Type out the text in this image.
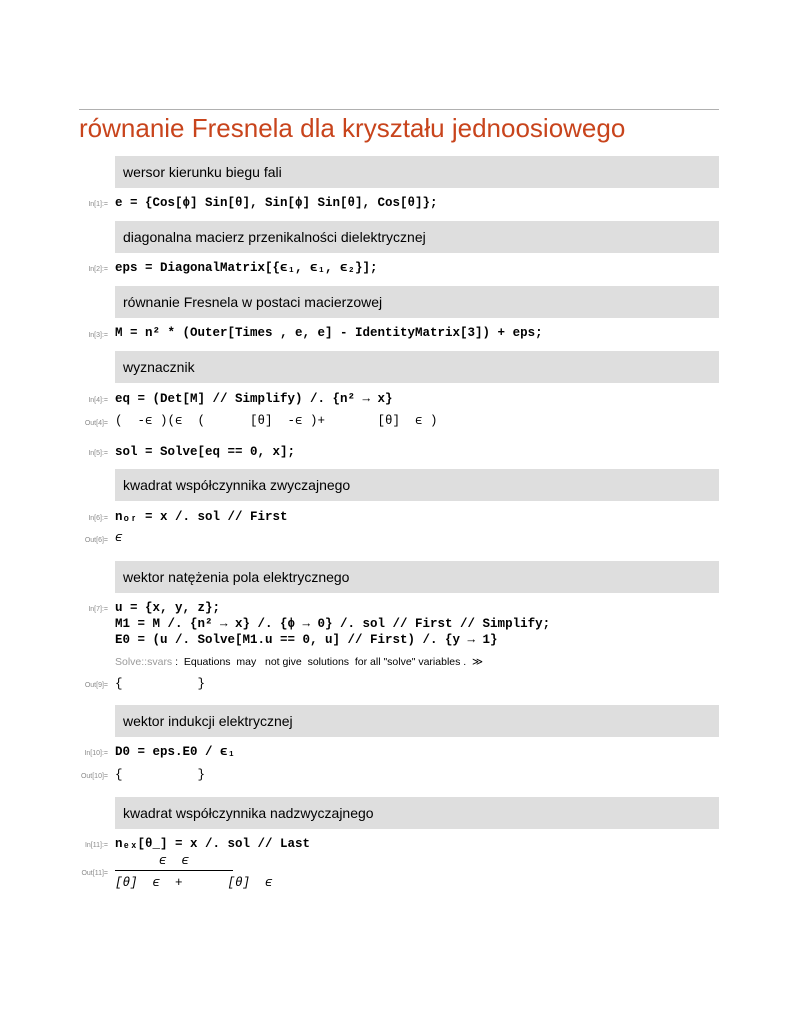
równanie Fresnela dla kryształu jednoosiowego
wersor kierunku biegu fali
In[1]:= e = {Cos[ϕ] Sin[θ], Sin[ϕ] Sin[θ], Cos[θ]};
diagonalna macierz przenikalności dielektrycznej
In[2]:= eps = DiagonalMatrix[{ϵ₁, ϵ₁, ϵ₂}];
równanie Fresnela w postaci macierzowej
In[3]:= M = n² * (Outer[Times , e, e] - IdentityMatrix[3]) + eps;
wyznacznik
In[4]:= eq = (Det[M] // Simplify) /. {n² → x}
Out[4]= (  -ϵ )(ϵ  (      [θ]  -ϵ )+       [θ]  ϵ )
In[5]:= sol = Solve[eq == 0, x];
kwadrat współczynnika zwyczajnego
In[6]:= nₒᵣ = x /. sol // First
Out[6]= ϵ
wektor natężenia pola elektrycznego
In[7]:= u = {x, y, z};
M1 = M /. {n² → x} /. {ϕ → 0} /. sol // First // Simplify;
E0 = (u /. Solve[M1.u == 0, u] // First) /. {y → 1}
Solve::svars :  Equations  may   not give  solutions  for all "solve" variables .  ≫
Out[9]= {          }
wektor indukcji elektrycznej
In[10]:= D0 = eps.E0 / ϵ₁
Out[10]= {          }
kwadrat współczynnika nadzwyczajnego
In[11]:= nₑₓ[θ_] = x /. sol // Last
Out[11]=
ϵ  ϵ
[θ]  ϵ  +      [θ]  ϵ
